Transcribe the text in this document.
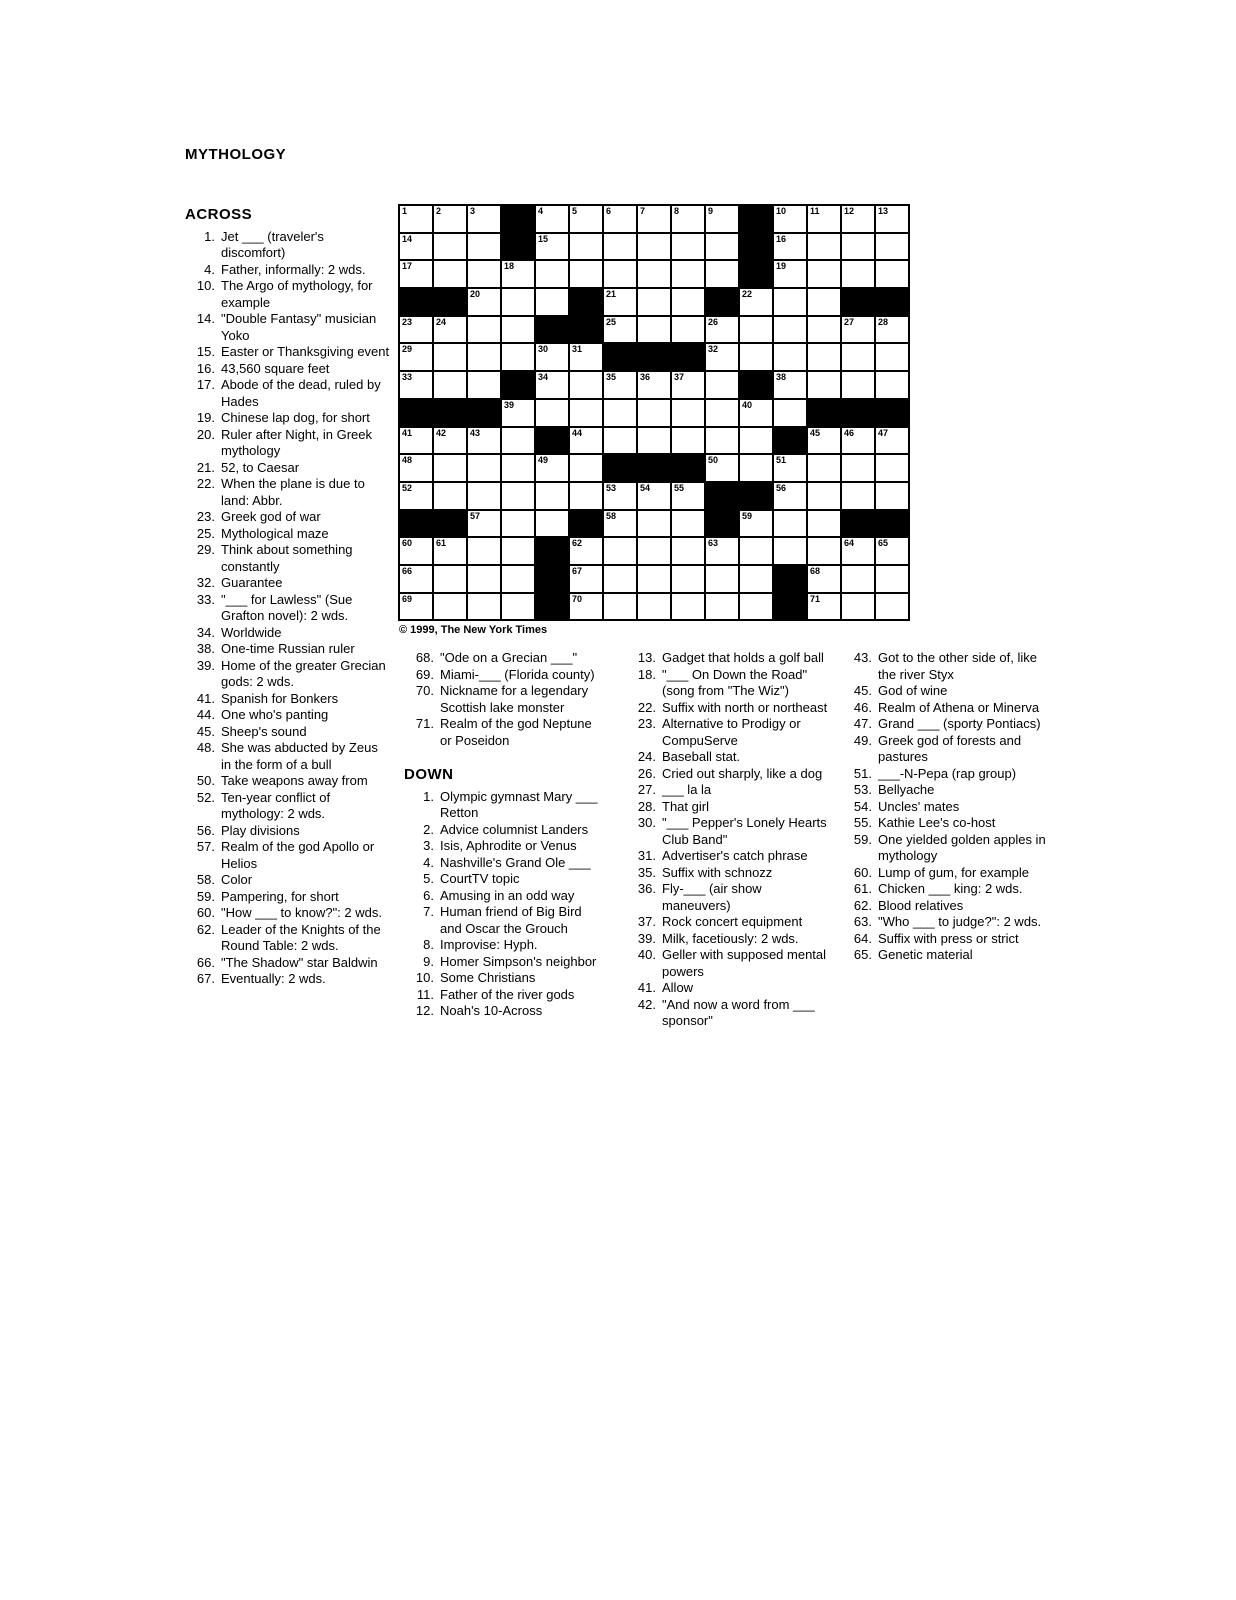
MYTHOLOGY
1	2	3	4	5	6	7	8	9	10	11	12	13
14	15	16
17	18	19
20	21	22
23	24	25	26	27	28
29	30	31	32
33	34	35	36	37	38
39	40
41	42	43	44	45	46	47
48	49	50	51
52	53	54	55	56
57	58	59
60	61	62	63	64	65
66	67	68
69	70	71
© 1999, The New York Times
ACROSS
1. Jet ___ (traveler's discomfort)
4. Father, informally: 2 wds.
10. The Argo of mythology, for example
14. "Double Fantasy" musician Yoko
15. Easter or Thanksgiving event
16. 43,560 square feet
17. Abode of the dead, ruled by Hades
19. Chinese lap dog, for short
20. Ruler after Night, in Greek mythology
21. 52, to Caesar
22. When the plane is due to land: Abbr.
23. Greek god of war
25. Mythological maze
29. Think about something constantly
32. Guarantee
33. "___ for Lawless" (Sue Grafton novel): 2 wds.
34. Worldwide
38. One-time Russian ruler
39. Home of the greater Grecian gods: 2 wds.
41. Spanish for Bonkers
44. One who's panting
45. Sheep's sound
48. She was abducted by Zeus in the form of a bull
50. Take weapons away from
52. Ten-year conflict of mythology: 2 wds.
56. Play divisions
57. Realm of the god Apollo or Helios
58. Color
59. Pampering, for short
60. "How ___ to know?": 2 wds.
62. Leader of the Knights of the Round Table: 2 wds.
66. "The Shadow" star Baldwin
67. Eventually: 2 wds.
68. "Ode on a Grecian ___"
69. Miami-___ (Florida county)
70. Nickname for a legendary Scottish lake monster
71. Realm of the god Neptune or Poseidon
DOWN
1. Olympic gymnast Mary ___ Retton
2. Advice columnist Landers
3. Isis, Aphrodite or Venus
4. Nashville's Grand Ole ___
5. CourtTV topic
6. Amusing in an odd way
7. Human friend of Big Bird and Oscar the Grouch
8. Improvise: Hyph.
9. Homer Simpson's neighbor
10. Some Christians
11. Father of the river gods
12. Noah's 10-Across
13. Gadget that holds a golf ball
18. "___ On Down the Road" (song from "The Wiz")
22. Suffix with north or northeast
23. Alternative to Prodigy or CompuServe
24. Baseball stat.
26. Cried out sharply, like a dog
27. ___ la la
28. That girl
30. "___ Pepper's Lonely Hearts Club Band"
31. Advertiser's catch phrase
35. Suffix with schnozz
36. Fly-___ (air show maneuvers)
37. Rock concert equipment
39. Milk, facetiously: 2 wds.
40. Geller with supposed mental powers
41. Allow
42. "And now a word from ___ sponsor"
43. Got to the other side of, like the river Styx
45. God of wine
46. Realm of Athena or Minerva
47. Grand ___ (sporty Pontiacs)
49. Greek god of forests and pastures
51. ___-N-Pepa (rap group)
53. Bellyache
54. Uncles' mates
55. Kathie Lee's co-host
59. One yielded golden apples in mythology
60. Lump of gum, for example
61. Chicken ___ king: 2 wds.
62. Blood relatives
63. "Who ___ to judge?": 2 wds.
64. Suffix with press or strict
65. Genetic material
